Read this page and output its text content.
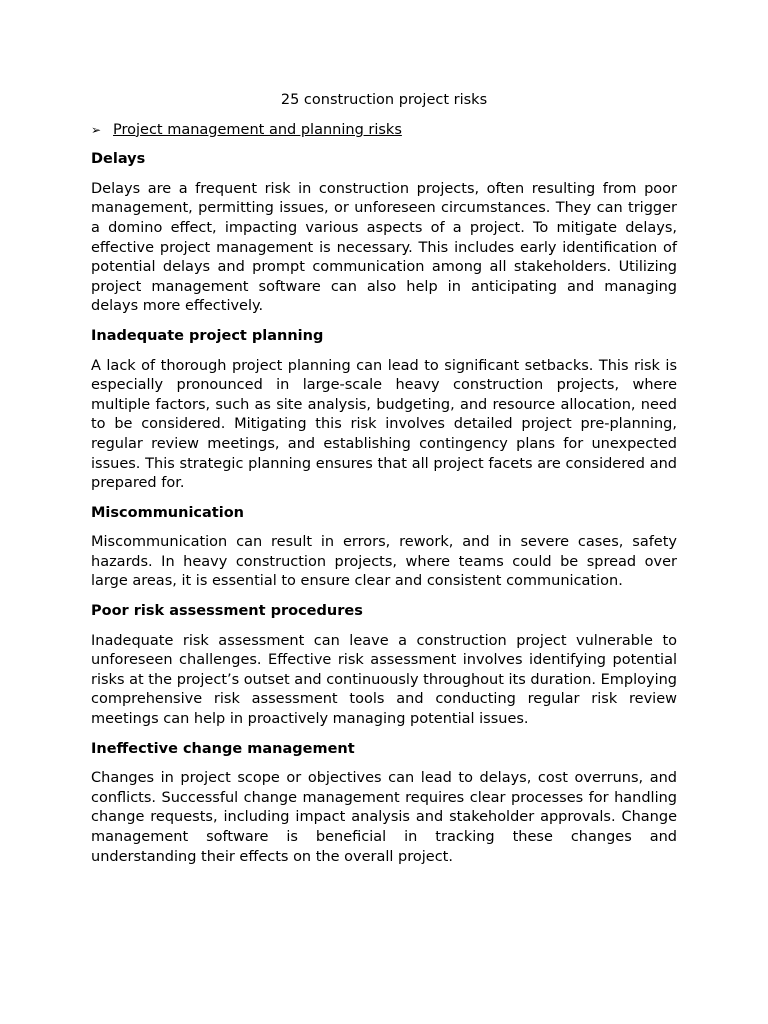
25 construction project risks
➢ Project management and planning risks
Delays
Delays are a frequent risk in construction projects, often resulting from poor management, permitting issues, or unforeseen circumstances. They can trigger a domino effect, impacting various aspects of a project. To mitigate delays, effective project management is necessary. This includes early identification of potential delays and prompt communication among all stakeholders. Utilizing project management software can also help in anticipating and managing delays more effectively.
Inadequate project planning
A lack of thorough project planning can lead to significant setbacks. This risk is especially pronounced in large-scale heavy construction projects, where multiple factors, such as site analysis, budgeting, and resource allocation, need to be considered. Mitigating this risk involves detailed project pre-planning, regular review meetings, and establishing contingency plans for unexpected issues. This strategic planning ensures that all project facets are considered and prepared for.
Miscommunication
Miscommunication can result in errors, rework, and in severe cases, safety hazards. In heavy construction projects, where teams could be spread over large areas, it is essential to ensure clear and consistent communication.
Poor risk assessment procedures
Inadequate risk assessment can leave a construction project vulnerable to unforeseen challenges. Effective risk assessment involves identifying potential risks at the project’s outset and continuously throughout its duration. Employing comprehensive risk assessment tools and conducting regular risk review meetings can help in proactively managing potential issues.
Ineffective change management
Changes in project scope or objectives can lead to delays, cost overruns, and conflicts. Successful change management requires clear processes for handling change requests, including impact analysis and stakeholder approvals. Change management software is beneficial in tracking these changes and understanding their effects on the overall project.
